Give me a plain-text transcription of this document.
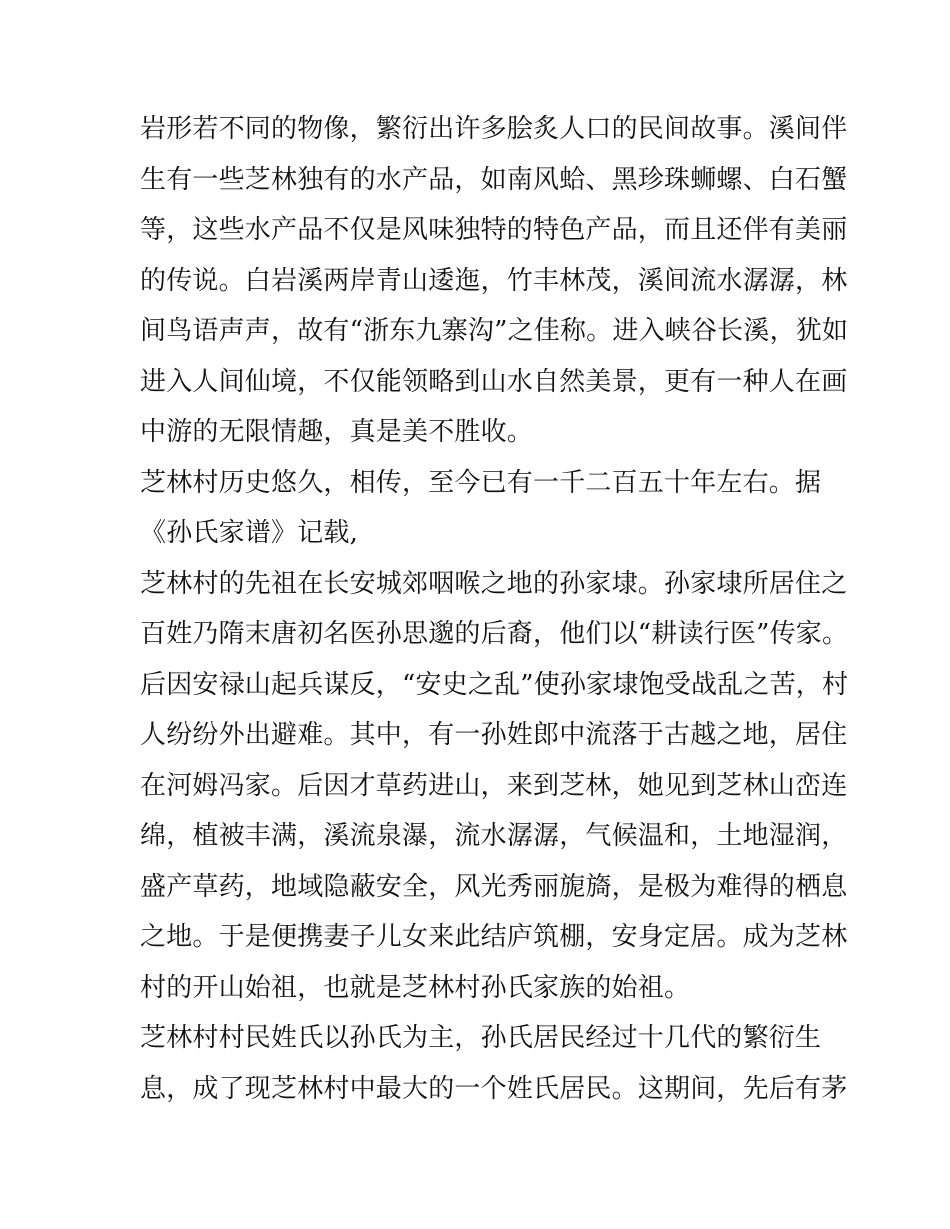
岩形若不同的物像，繁衍出许多脍炙人口的民间故事。溪间伴
生有一些芝林独有的水产品，如南风蛤、黑珍珠蛳螺、白石蟹
等，这些水产品不仅是风味独特的特色产品，而且还伴有美丽
的传说。白岩溪两岸青山逶迤，竹丰林茂，溪间流水潺潺，林
间鸟语声声，故有“浙东九寨沟”之佳称。进入峡谷长溪，犹如
进入人间仙境，不仅能领略到山水自然美景，更有一种人在画
中游的无限情趣，真是美不胜收。
芝林村历史悠久，相传，至今已有一千二百五十年左右。据
《孙氏家谱》记载,
芝林村的先祖在长安城郊咽喉之地的孙家埭。孙家埭所居住之
百姓乃隋末唐初名医孙思邈的后裔，他们以“耕读行医”传家。
后因安禄山起兵谋反，“安史之乱”使孙家埭饱受战乱之苦，村
人纷纷外出避难。其中，有一孙姓郎中流落于古越之地，居住
在河姆冯家。后因才草药进山，来到芝林，她见到芝林山峦连
绵，植被丰满，溪流泉瀑，流水潺潺，气候温和，土地湿润，
盛产草药，地域隐蔽安全，风光秀丽旎旖，是极为难得的栖息
之地。于是便携妻子儿女来此结庐筑棚，安身定居。成为芝林
村的开山始祖，也就是芝林村孙氏家族的始祖。
芝林村村民姓氏以孙氏为主，孙氏居民经过十几代的繁衍生
息，成了现芝林村中最大的一个姓氏居民。这期间，先后有茅
